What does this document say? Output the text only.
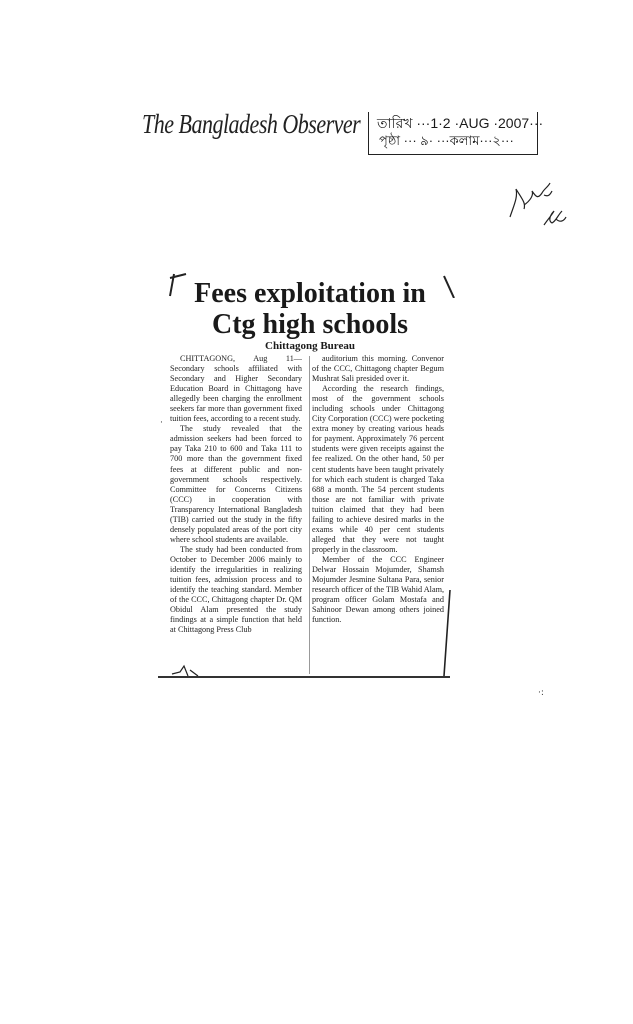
The Bangladesh Observer তারিখ ···1·2 ·AUG ·2007···
পৃষ্ঠা ··· ৯· ···কলাম···২···
Fees exploitation in
Ctg high schools
Chittagong Bureau

CHITTAGONG, Aug 11—Secondary schools affiliated with Secondary and Higher Secondary Education Board in Chittagong have allegedly been charging the enrollment seekers far more than government fixed tuition fees, according to a recent study.

The study revealed that the admission seekers had been forced to pay Taka 210 to 600 and Taka 111 to 700 more than the government fixed fees at different public and non-government schools respectively. Committee for Concerns Citizens (CCC) in cooperation with Transparency International Bangladesh (TIB) carried out the study in the fifty densely populated areas of the port city where school students are available.

The study had been conducted from October to December 2006 mainly to identify the irregularities in realizing tuition fees, admission process and to identify the teaching standard. Member of the CCC, Chittagong chapter Dr. QM Obidul Alam presented the study findings at a simple function that held at Chittagong Press Club

auditorium this morning. Convenor of the CCC, Chittagong chapter Begum Mushrat Sali presided over it.

According the research findings, most of the government schools including schools under Chittagong City Corporation (CCC) were pocketing extra money by creating various heads for payment. Approximately 76 percent students were given receipts against the fee realized. On the other hand, 50 per cent students have been taught privately for which each student is charged Taka 688 a month. The 54 percent students those are not familiar with private tuition claimed that they had been failing to achieve desired marks in the exams while 40 per cent students alleged that they were not taught properly in the classroom.

Member of the CCC Engineer Delwar Hossain Mojumder, Shamsh Mojumder Jesmine Sultana Para, senior research officer of the TIB Wahid Alam, program officer Golam Mostafa and Sahinoor Dewan among others joined function.

·:
·
